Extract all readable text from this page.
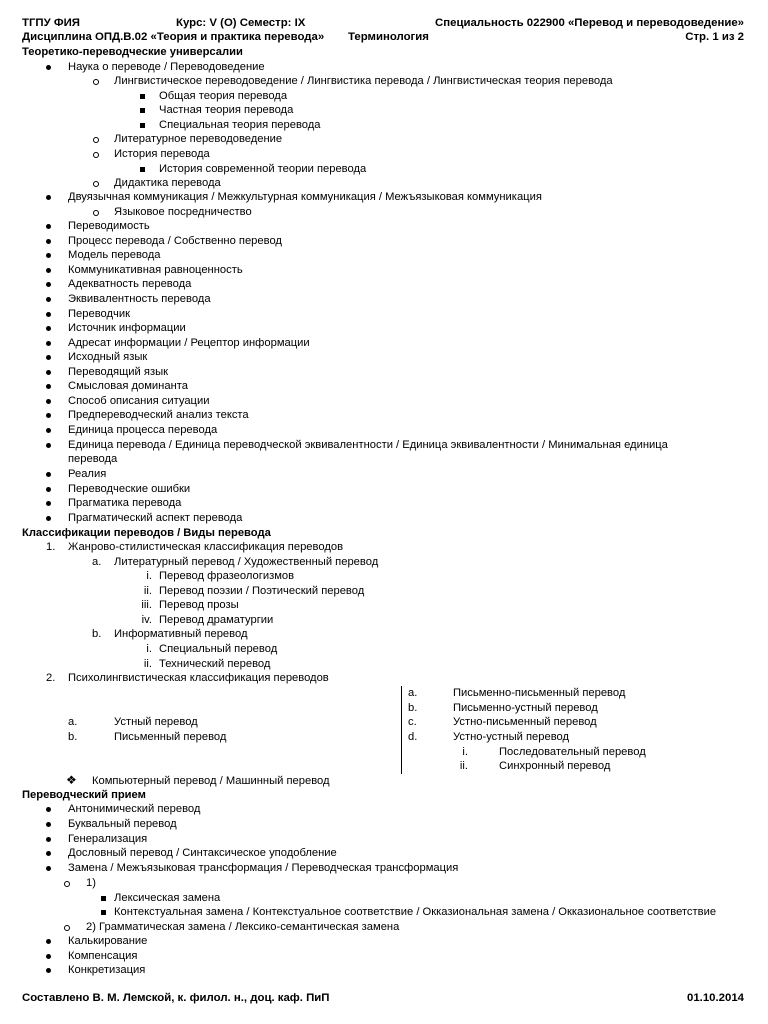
ТГПУ ФИЯ	Курс: V (О) Семестр: IX	Специальность 022900 «Перевод и переводоведение»
Дисциплина ОПД.В.02 «Теория и практика перевода» Терминология	Стр. 1 из 2
Теоретико-переводческие универсалии
Наука о переводе / Переводоведение
Лингвистическое переводоведение / Лингвистика перевода / Лингвистическая теория перевода
Общая теория перевода
Частная теория перевода
Специальная теория перевода
Литературное переводоведение
История перевода
История современной теории перевода
Дидактика перевода
Двуязычная коммуникация / Межкультурная коммуникация / Межъязыковая коммуникация
Языковое посредничество
Переводимость
Процесс перевода / Собственно перевод
Модель перевода
Коммуникативная равноценность
Адекватность перевода
Эквивалентность перевода
Переводчик
Источник информации
Адресат информации / Рецептор информации
Исходный язык
Переводящий язык
Смысловая доминанта
Способ описания ситуации
Предпереводческий анализ текста
Единица процесса перевода
Единица перевода / Единица переводческой эквивалентности / Единица эквивалентности / Минимальная единица
перевода
Реалия
Переводческие ошибки
Прагматика перевода
Прагматический аспект перевода
Классификации переводов / Виды перевода
1. Жанрово-стилистическая классификация переводов
a. Литературный перевод / Художественный перевод
i. Перевод фразеологизмов
ii. Перевод поэзии / Поэтический перевод
iii. Перевод прозы
iv. Перевод драматургии
b. Информативный перевод
i. Специальный перевод
ii. Технический перевод
2. Психолингвистическая классификация переводов
a.	Устный перевод
b.	Письменный перевод
a.	Письменно-письменный перевод
b.	Письменно-устный перевод
c.	Устно-письменный перевод
d.	Устно-устный перевод
i.	Последовательный перевод
ii.	Синхронный перевод
❖ Компьютерный перевод / Машинный перевод
Переводческий прием
Антонимический перевод
Буквальный перевод
Генерализация
Дословный перевод / Синтаксическое уподобление
Замена / Межъязыковая трансформация / Переводческая трансформация
1)
Лексическая замена
Контекстуальная замена / Контекстуальное соответствие / Окказиональная замена / Окказиональное соответствие
2) Грамматическая замена / Лексико-семантическая замена
Калькирование
Компенсация
Конкретизация
Составлено В. М. Лемской, к. филол. н., доц. каф. ПиП	01.10.2014
